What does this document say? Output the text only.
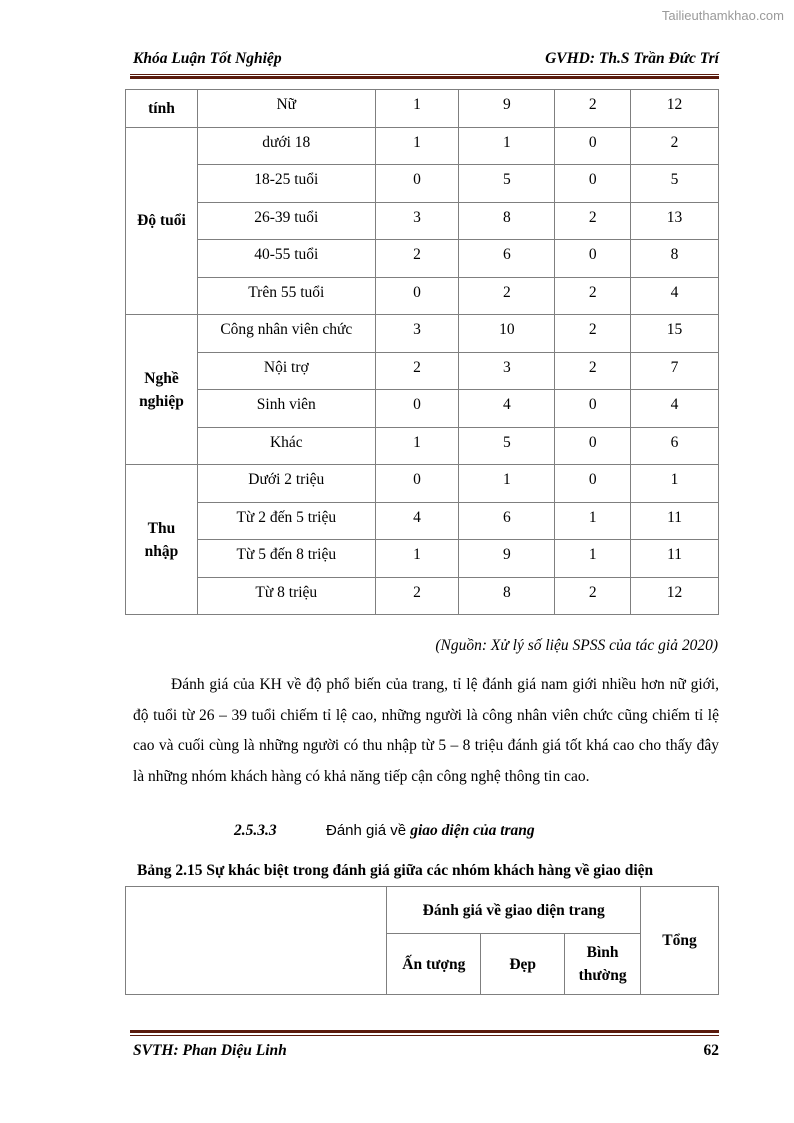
Tailieuthamkhao.com
Khóa Luận Tốt Nghiệp	GVHD: Th.S Trần Đức Trí
tính	Nữ	1	9	2	12
Độ tuổi	dưới 18	1	1	0	2
	18-25 tuổi	0	5	0	5
	26-39 tuổi	3	8	2	13
	40-55 tuổi	2	6	0	8
	Trên 55 tuổi	0	2	2	4
Nghề nghiệp	Công nhân viên chức	3	10	2	15
	Nội trợ	2	3	2	7
	Sinh viên	0	4	0	4
	Khác	1	5	0	6
Thu nhập	Dưới 2 triệu	0	1	0	1
	Từ 2 đến 5 triệu	4	6	1	11
	Từ 5 đến 8 triệu	1	9	1	11
	Từ 8 triệu	2	8	2	12
(Nguồn: Xử lý số liệu SPSS của tác giả 2020)

Đánh giá của KH về độ phổ biến của trang, tỉ lệ đánh giá nam giới nhiều hơn nữ giới, độ tuổi từ 26 – 39 tuổi chiếm tỉ lệ cao, những người là công nhân viên chức cũng chiếm tỉ lệ cao và cuối cùng là những người có thu nhập từ 5 – 8 triệu đánh giá tốt khá cao cho thấy đây là những nhóm khách hàng có khả năng tiếp cận công nghệ thông tin cao.

2.5.3.3	Đánh giá về giao diện của trang
Bảng 2.15 Sự khác biệt trong đánh giá giữa các nhóm khách hàng về giao diện
	Đánh giá về giao diện trang			Tổng
	Ấn tượng	Đẹp	Bình thường	
SVTH: Phan Diệu Linh	62
